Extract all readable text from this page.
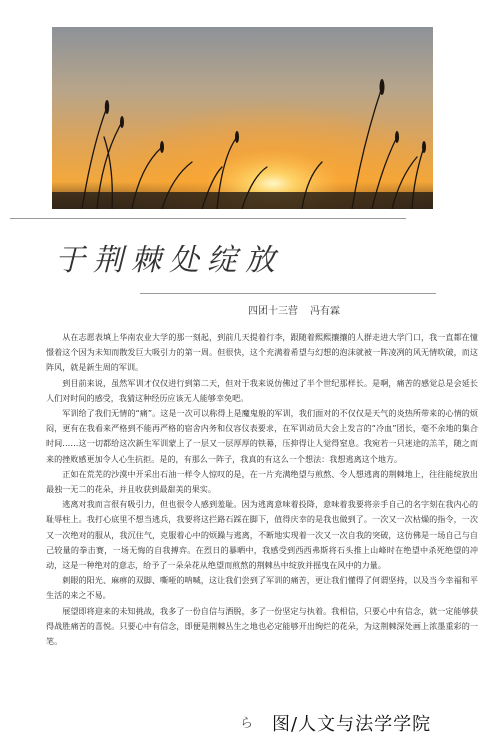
于荆棘处绽放
四团十三营 冯有霖

从在志愿表填上华南农业大学的那一刻起，到前几天提着行李，跟随着熙熙攘攘的人群走进大学门口，我一直都在憧憬着这个因为未知而散发巨大吸引力的第一周。但很快，这个充满着希望与幻想的泡沫就被一阵凌冽的风无情吹破，而这阵风，就是新生周的军训。

到目前来说，虽然军训才仅仅进行到第二天，但对于我来说仿佛过了半个世纪那样长。是啊，痛苦的感觉总是会延长人们对时间的感受，我猜这种经历应该无人能够幸免吧。

军训给了我们无情的“痛”。这是一次可以称得上是魔鬼般的军训，我们面对的不仅仅是天气的炎热所带来的心情的烦闷，更有在我看来严格到不能再严格的宿舍内务和仪容仪表要求，在军训动员大会上发言的“冷血”团长，毫不余地的集合时间……这一切都给这次新生军训蒙上了一层又一层厚厚的铁幕，压抑得让人觉得窒息。我宛若一只迷途的羔羊，随之而来的挫败感更加令人心生抗拒。是的，有那么一阵子，我真的有这么一个想法：我想逃离这个地方。

正如在荒芜的沙漠中开采出石油一样令人惊叹的是，在一片充满绝望与煎熬、令人想逃离的荆棘地上，往往能绽放出最独一无二的花朵，并且收获到最甜美的果实。

逃离对我而言很有吸引力，但也很令人感到羞耻。因为逃离意味着投降，意味着我要将亲手自己的名字刻在我内心的耻辱柱上。我打心底里不想当逃兵，我要将这拦路石踩在脚下，值得庆幸的是我也做到了。一次又一次枯燥的指令，一次又一次绝对的服从，我沉住气，克服着心中的烦躁与逃离，不断地实现着一次又一次自我的突破，这仿佛是一场自己与自己较量的拳击赛，一场无悔的自我搏弈。在烈日的暴晒中，我感受到西西弗斯将石头推上山峰时在绝望中杀死绝望的冲动，这是一种绝对的意志，给予了一朵朵花从绝望而煎熬的荆棘丛中绽放并摇曳在风中的力量。

刺眼的阳光、麻痹的双脚、嘶哑的呐喊，这让我们尝到了军训的痛苦，更让我们懂得了何谓坚持，以及当今幸福和平生活的来之不易。

展望即将迎来的未知挑战，我多了一份自信与洒脱，多了一份坚定与执着。我相信，只要心中有信念，就一定能够获得战胜痛苦的喜悦。只要心中有信念，即便是荆棘丛生之地也必定能够开出绚烂的花朵，为这荆棘深处画上浓墨重彩的一笔。

ら 图/人文与法学学院
